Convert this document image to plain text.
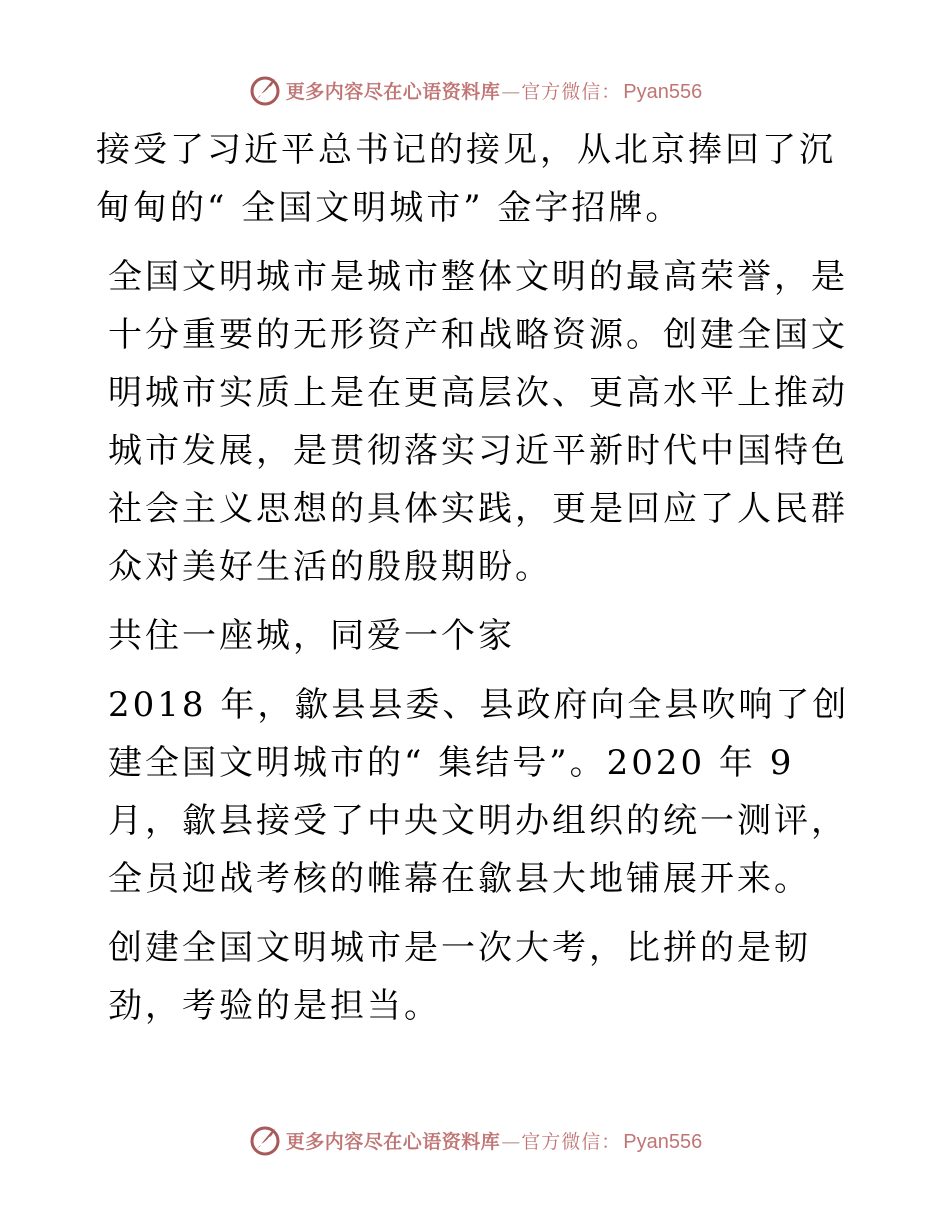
更多内容尽在心语资料库 — 官方微信： Pyan556

接受了习近平总书记的接见，从北京捧回了沉甸甸的“ 全国文明城市” 金字招牌。

全国文明城市是城市整体文明的最高荣誉，是十分重要的无形资产和战略资源。创建全国文明城市实质上是在更高层次、更高水平上推动城市发展，是贯彻落实习近平新时代中国特色社会主义思想的具体实践，更是回应了人民群众对美好生活的殷殷期盼。

共住一座城，同爱一个家

2018 年，歙县县委、县政府向全县吹响了创建全国文明城市的“ 集结号”。2020 年 9 月，歙县接受了中央文明办组织的统一测评，全员迎战考核的帷幕在歙县大地铺展开来。

创建全国文明城市是一次大考，比拼的是韧劲，考验的是担当。

更多内容尽在心语资料库 — 官方微信： Pyan556
